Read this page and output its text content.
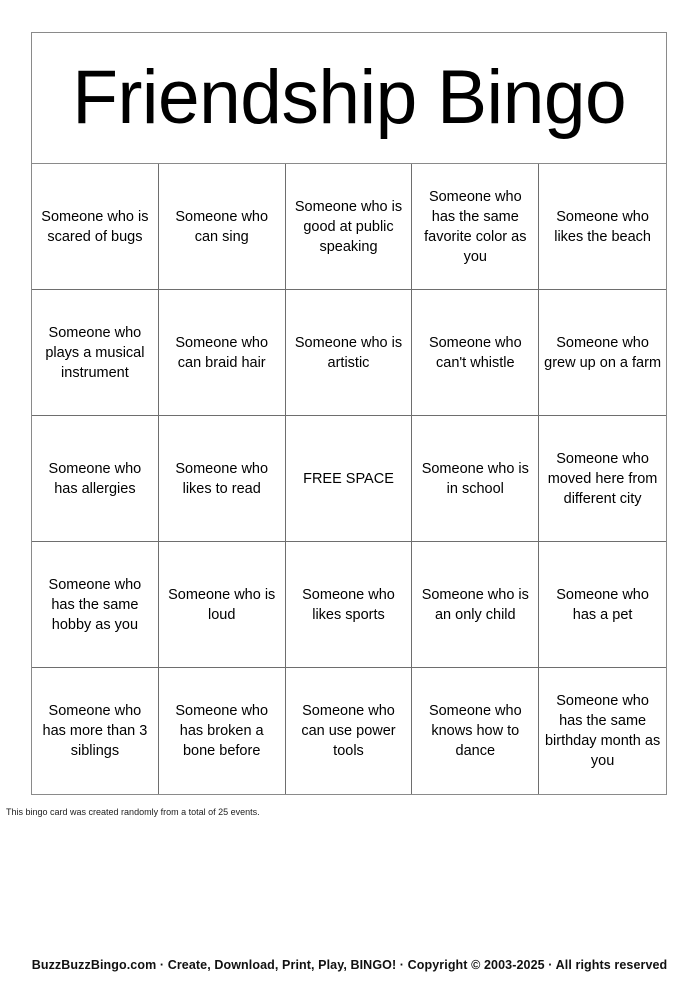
Friendship Bingo
Someone who is scared of bugs
Someone who can sing
Someone who is good at public speaking
Someone who has the same favorite color as you
Someone who likes the beach
Someone who plays a musical instrument
Someone who can braid hair
Someone who is artistic
Someone who can't whistle
Someone who grew up on a farm
Someone who has allergies
Someone who likes to read
FREE SPACE
Someone who is in school
Someone who moved here from different city
Someone who has the same hobby as you
Someone who is loud
Someone who likes sports
Someone who is an only child
Someone who has a pet
Someone who has more than 3 siblings
Someone who has broken a bone before
Someone who can use power tools
Someone who knows how to dance
Someone who has the same birthday month as you
This bingo card was created randomly from a total of 25 events.
BuzzBuzzBingo.com · Create, Download, Print, Play, BINGO! · Copyright © 2003-2025 · All rights reserved
